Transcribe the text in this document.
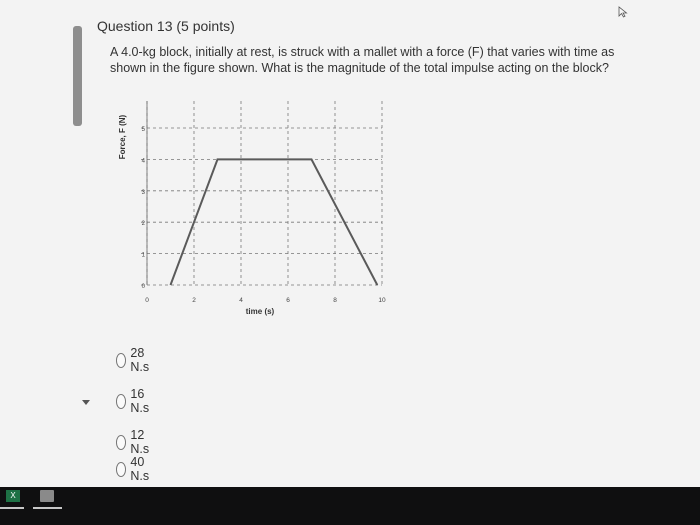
Question 13 (5 points)
A 4.0-kg block, initially at rest, is struck with a mallet with a force (F) that varies with time as shown in the figure shown. What is the magnitude of the total impulse acting on the block?
0
1
2
3
4
5
0	2	4	6	8	10
time (s)
Force, F (N)
28 N.s
16 N.s
12 N.s
40 N.s
X
